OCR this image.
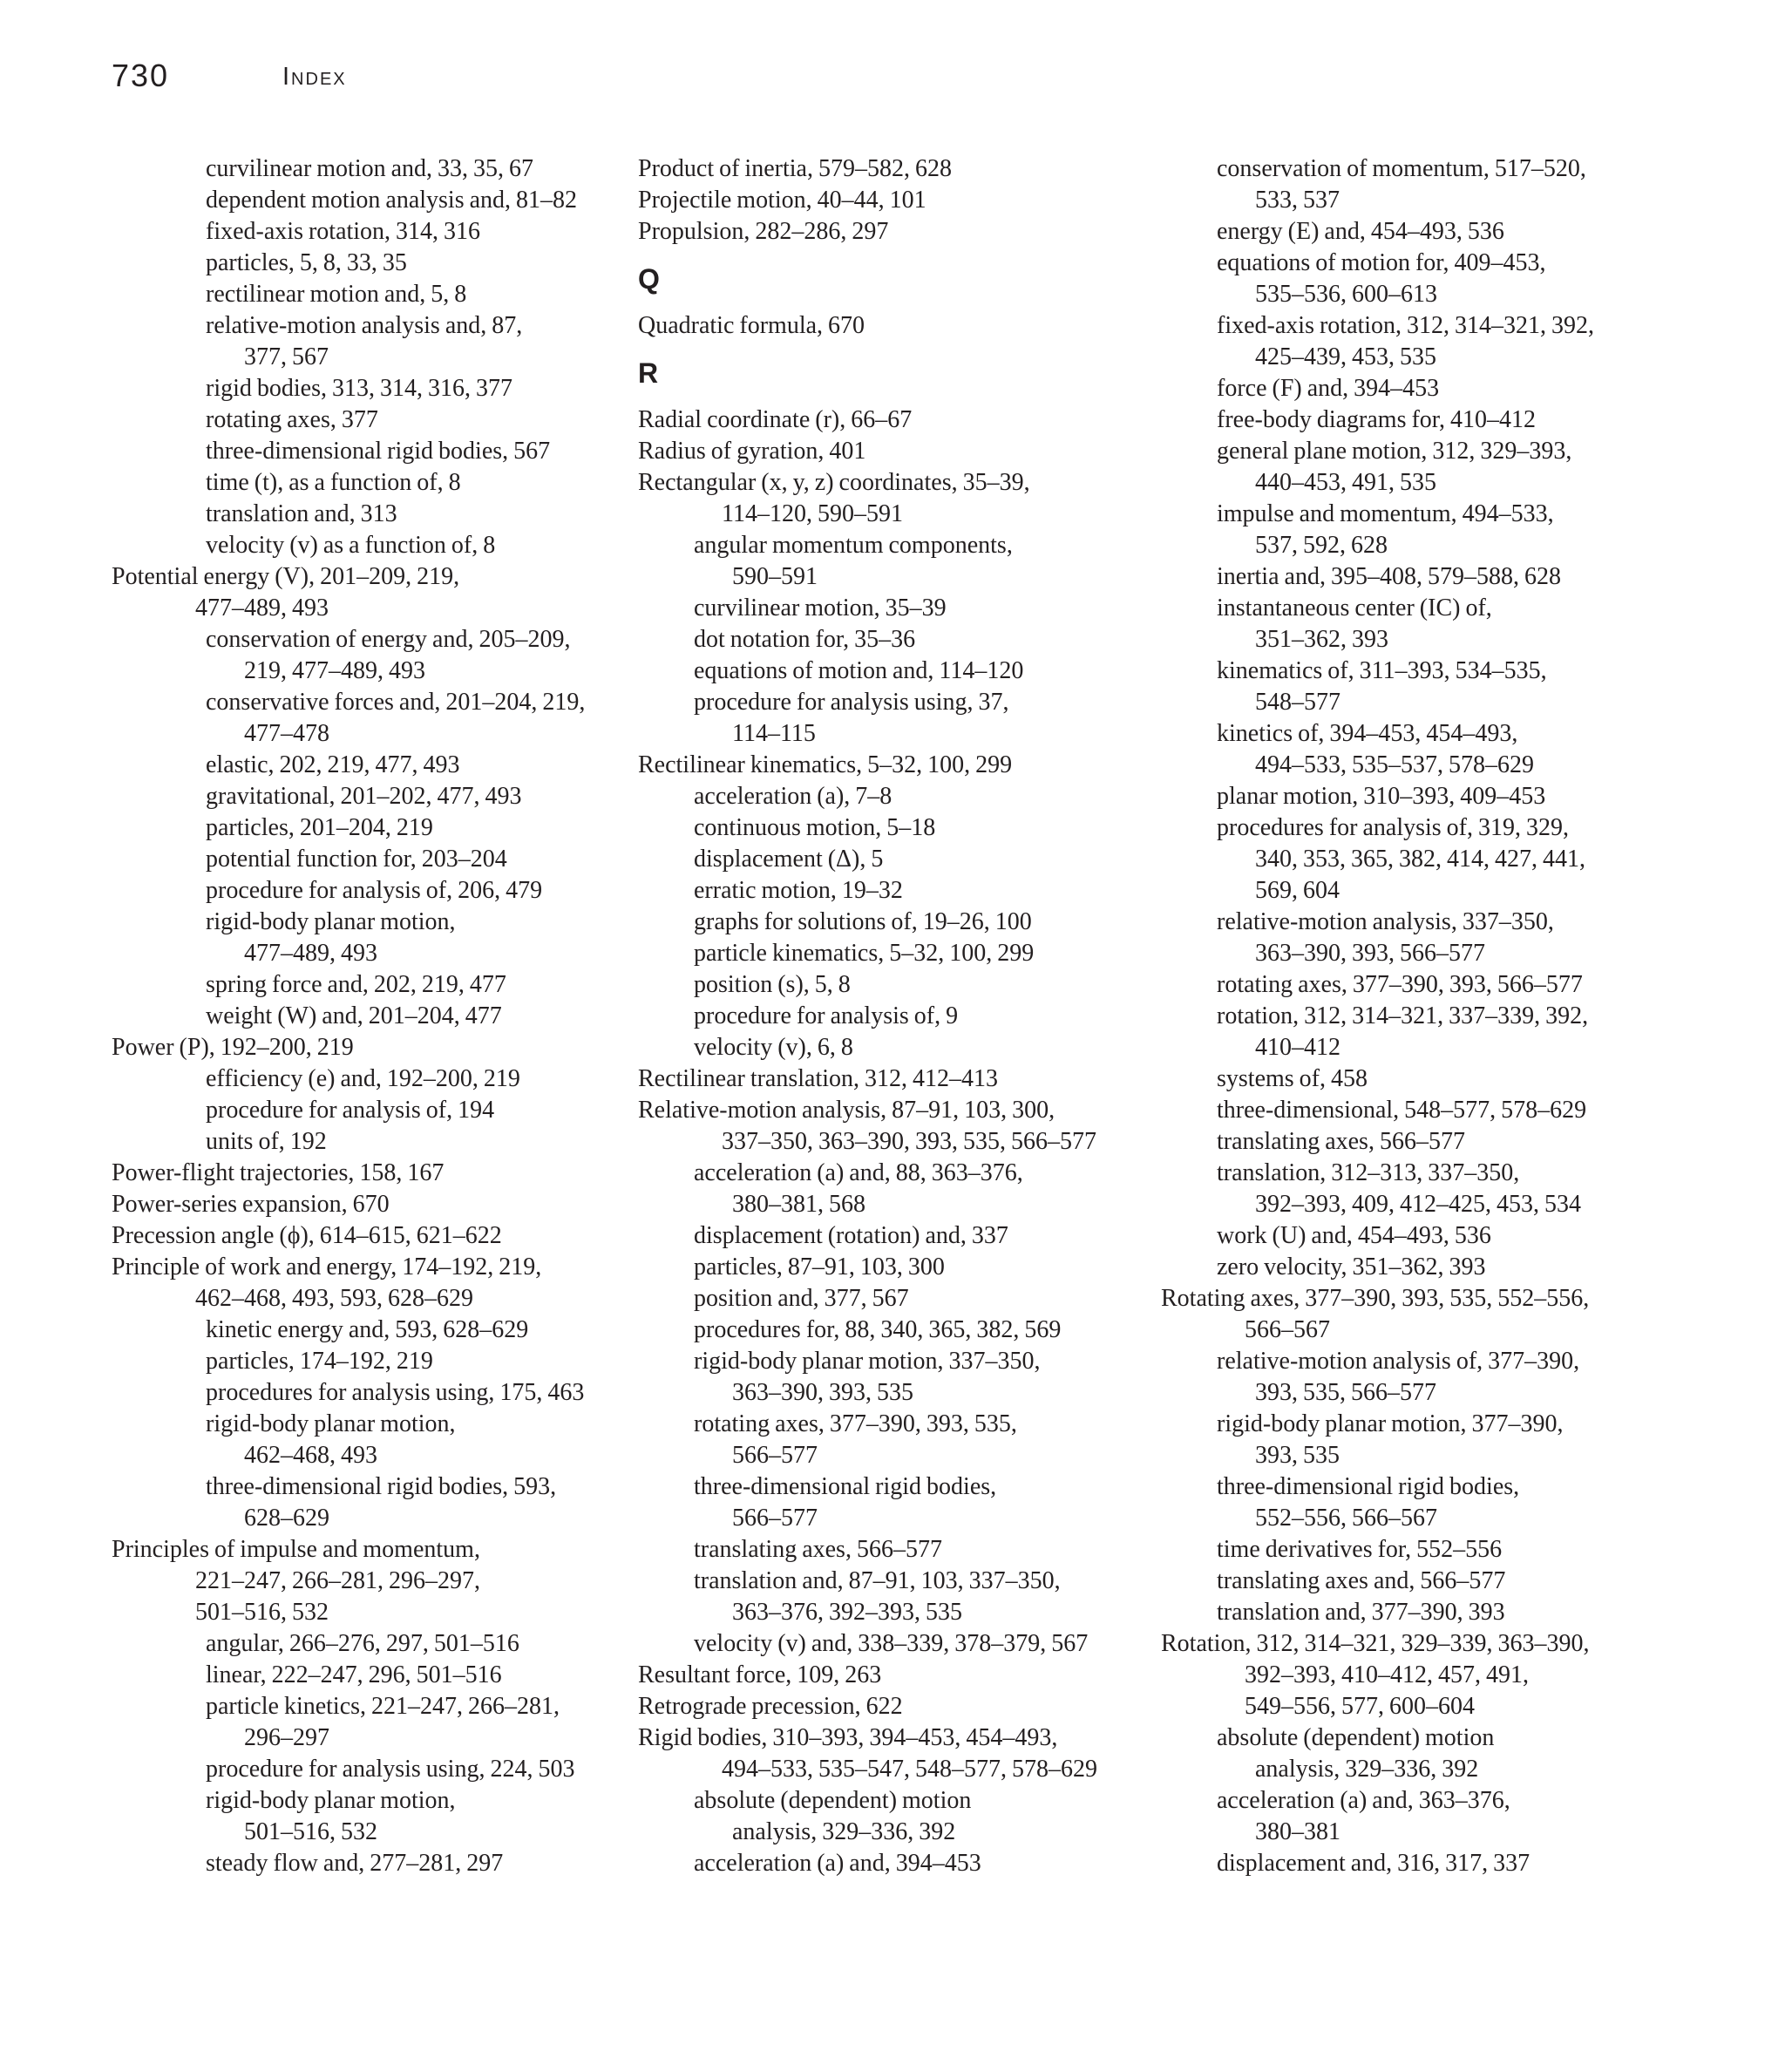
730	Index
curvilinear motion and, 33, 35, 67
dependent motion analysis and, 81–82
fixed-axis rotation, 314, 316
particles, 5, 8, 33, 35
rectilinear motion and, 5, 8
relative-motion analysis and, 87,
377, 567
rigid bodies, 313, 314, 316, 377
rotating axes, 377
three-dimensional rigid bodies, 567
time (t), as a function of, 8
translation and, 313
velocity (v) as a function of, 8
Potential energy (V), 201–209, 219,
477–489, 493
conservation of energy and, 205–209,
219, 477–489, 493
conservative forces and, 201–204, 219,
477–478
elastic, 202, 219, 477, 493
gravitational, 201–202, 477, 493
particles, 201–204, 219
potential function for, 203–204
procedure for analysis of, 206, 479
rigid-body planar motion,
477–489, 493
spring force and, 202, 219, 477
weight (W) and, 201–204, 477
Power (P), 192–200, 219
efficiency (e) and, 192–200, 219
procedure for analysis of, 194
units of, 192
Power-flight trajectories, 158, 167
Power-series expansion, 670
Precession angle (ϕ), 614–615, 621–622
Principle of work and energy, 174–192, 219,
462–468, 493, 593, 628–629
kinetic energy and, 593, 628–629
particles, 174–192, 219
procedures for analysis using, 175, 463
rigid-body planar motion,
462–468, 493
three-dimensional rigid bodies, 593,
628–629
Principles of impulse and momentum,
221–247, 266–281, 296–297,
501–516, 532
angular, 266–276, 297, 501–516
linear, 222–247, 296, 501–516
particle kinetics, 221–247, 266–281,
296–297
procedure for analysis using, 224, 503
rigid-body planar motion,
501–516, 532
steady flow and, 277–281, 297
Product of inertia, 579–582, 628
Projectile motion, 40–44, 101
Propulsion, 282–286, 297
Q
Quadratic formula, 670
R
Radial coordinate (r), 66–67
Radius of gyration, 401
Rectangular (x, y, z) coordinates, 35–39,
114–120, 590–591
angular momentum components,
590–591
curvilinear motion, 35–39
dot notation for, 35–36
equations of motion and, 114–120
procedure for analysis using, 37,
114–115
Rectilinear kinematics, 5–32, 100, 299
acceleration (a), 7–8
continuous motion, 5–18
displacement (Δ), 5
erratic motion, 19–32
graphs for solutions of, 19–26, 100
particle kinematics, 5–32, 100, 299
position (s), 5, 8
procedure for analysis of, 9
velocity (v), 6, 8
Rectilinear translation, 312, 412–413
Relative-motion analysis, 87–91, 103, 300,
337–350, 363–390, 393, 535, 566–577
acceleration (a) and, 88, 363–376,
380–381, 568
displacement (rotation) and, 337
particles, 87–91, 103, 300
position and, 377, 567
procedures for, 88, 340, 365, 382, 569
rigid-body planar motion, 337–350,
363–390, 393, 535
rotating axes, 377–390, 393, 535,
566–577
three-dimensional rigid bodies,
566–577
translating axes, 566–577
translation and, 87–91, 103, 337–350,
363–376, 392–393, 535
velocity (v) and, 338–339, 378–379, 567
Resultant force, 109, 263
Retrograde precession, 622
Rigid bodies, 310–393, 394–453, 454–493,
494–533, 535–547, 548–577, 578–629
absolute (dependent) motion
analysis, 329–336, 392
acceleration (a) and, 394–453
conservation of momentum, 517–520,
533, 537
energy (E) and, 454–493, 536
equations of motion for, 409–453,
535–536, 600–613
fixed-axis rotation, 312, 314–321, 392,
425–439, 453, 535
force (F) and, 394–453
free-body diagrams for, 410–412
general plane motion, 312, 329–393,
440–453, 491, 535
impulse and momentum, 494–533,
537, 592, 628
inertia and, 395–408, 579–588, 628
instantaneous center (IC) of,
351–362, 393
kinematics of, 311–393, 534–535,
548–577
kinetics of, 394–453, 454–493,
494–533, 535–537, 578–629
planar motion, 310–393, 409–453
procedures for analysis of, 319, 329,
340, 353, 365, 382, 414, 427, 441,
569, 604
relative-motion analysis, 337–350,
363–390, 393, 566–577
rotating axes, 377–390, 393, 566–577
rotation, 312, 314–321, 337–339, 392,
410–412
systems of, 458
three-dimensional, 548–577, 578–629
translating axes, 566–577
translation, 312–313, 337–350,
392–393, 409, 412–425, 453, 534
work (U) and, 454–493, 536
zero velocity, 351–362, 393
Rotating axes, 377–390, 393, 535, 552–556,
566–567
relative-motion analysis of, 377–390,
393, 535, 566–577
rigid-body planar motion, 377–390,
393, 535
three-dimensional rigid bodies,
552–556, 566–567
time derivatives for, 552–556
translating axes and, 566–577
translation and, 377–390, 393
Rotation, 312, 314–321, 329–339, 363–390,
392–393, 410–412, 457, 491,
549–556, 577, 600–604
absolute (dependent) motion
analysis, 329–336, 392
acceleration (a) and, 363–376,
380–381
displacement and, 316, 317, 337
